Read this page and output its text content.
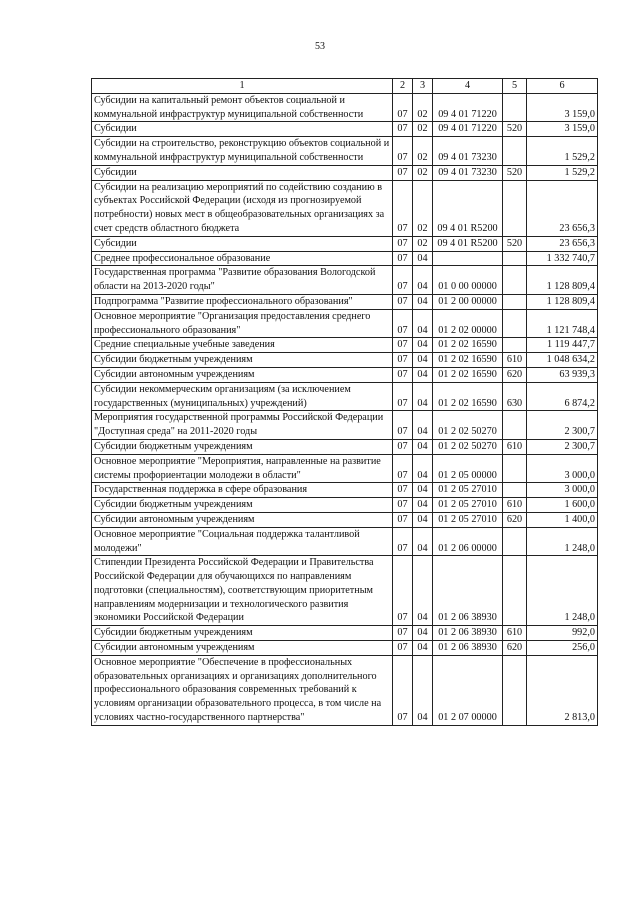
53
1	2	3	4	5	6
Субсидии на капитальный ремонт объектов социальной и коммунальной инфраструктур муниципальной собственности	07	02	09 4 01 71220		3 159,0
Субсидии	07	02	09 4 01 71220	520	3 159,0
Субсидии на строительство, реконструкцию объектов социальной и коммунальной инфраструктур муниципальной собственности	07	02	09 4 01 73230		1 529,2
Субсидии	07	02	09 4 01 73230	520	1 529,2
Субсидии на реализацию мероприятий по содействию созданию в субъектах Российской Федерации (исходя из прогнозируемой потребности) новых мест в общеобразовательных организациях за счет средств областного бюджета	07	02	09 4 01 R5200		23 656,3
Субсидии	07	02	09 4 01 R5200	520	23 656,3
Среднее профессиональное образование	07	04			1 332 740,7
Государственная программа "Развитие образования Вологодской области на 2013-2020 годы"	07	04	01 0 00 00000		1 128 809,4
Подпрограмма "Развитие профессионального образования"	07	04	01 2 00 00000		1 128 809,4
Основное мероприятие "Организация предоставления среднего профессионального образования"	07	04	01 2 02 00000		1 121 748,4
Средние специальные учебные заведения	07	04	01 2 02 16590		1 119 447,7
Субсидии бюджетным учреждениям	07	04	01 2 02 16590	610	1 048 634,2
Субсидии автономным учреждениям	07	04	01 2 02 16590	620	63 939,3
Субсидии некоммерческим организациям (за исключением государственных (муниципальных) учреждений)	07	04	01 2 02 16590	630	6 874,2
Мероприятия государственной программы Российской Федерации "Доступная среда" на 2011-2020 годы	07	04	01 2 02 50270		2 300,7
Субсидии бюджетным учреждениям	07	04	01 2 02 50270	610	2 300,7
Основное мероприятие "Мероприятия, направленные на развитие системы профориентации молодежи в области"	07	04	01 2 05 00000		3 000,0
Государственная поддержка в сфере образования	07	04	01 2 05 27010		3 000,0
Субсидии бюджетным учреждениям	07	04	01 2 05 27010	610	1 600,0
Субсидии автономным учреждениям	07	04	01 2 05 27010	620	1 400,0
Основное мероприятие "Социальная поддержка талантливой молодежи"	07	04	01 2 06 00000		1 248,0
Стипендии Президента Российской Федерации и Правительства Российской Федерации для обучающихся по направлениям подготовки (специальностям), соответствующим приоритетным направлениям модернизации и технологического развития экономики Российской Федерации	07	04	01 2 06 38930		1 248,0
Субсидии бюджетным учреждениям	07	04	01 2 06 38930	610	992,0
Субсидии автономным учреждениям	07	04	01 2 06 38930	620	256,0
Основное мероприятие "Обеспечение в профессиональных образовательных организациях и организациях дополнительного профессионального образования современных требований к условиям организации образовательного процесса, в том числе на условиях частно-государственного партнерства"	07	04	01 2 07 00000		2 813,0
